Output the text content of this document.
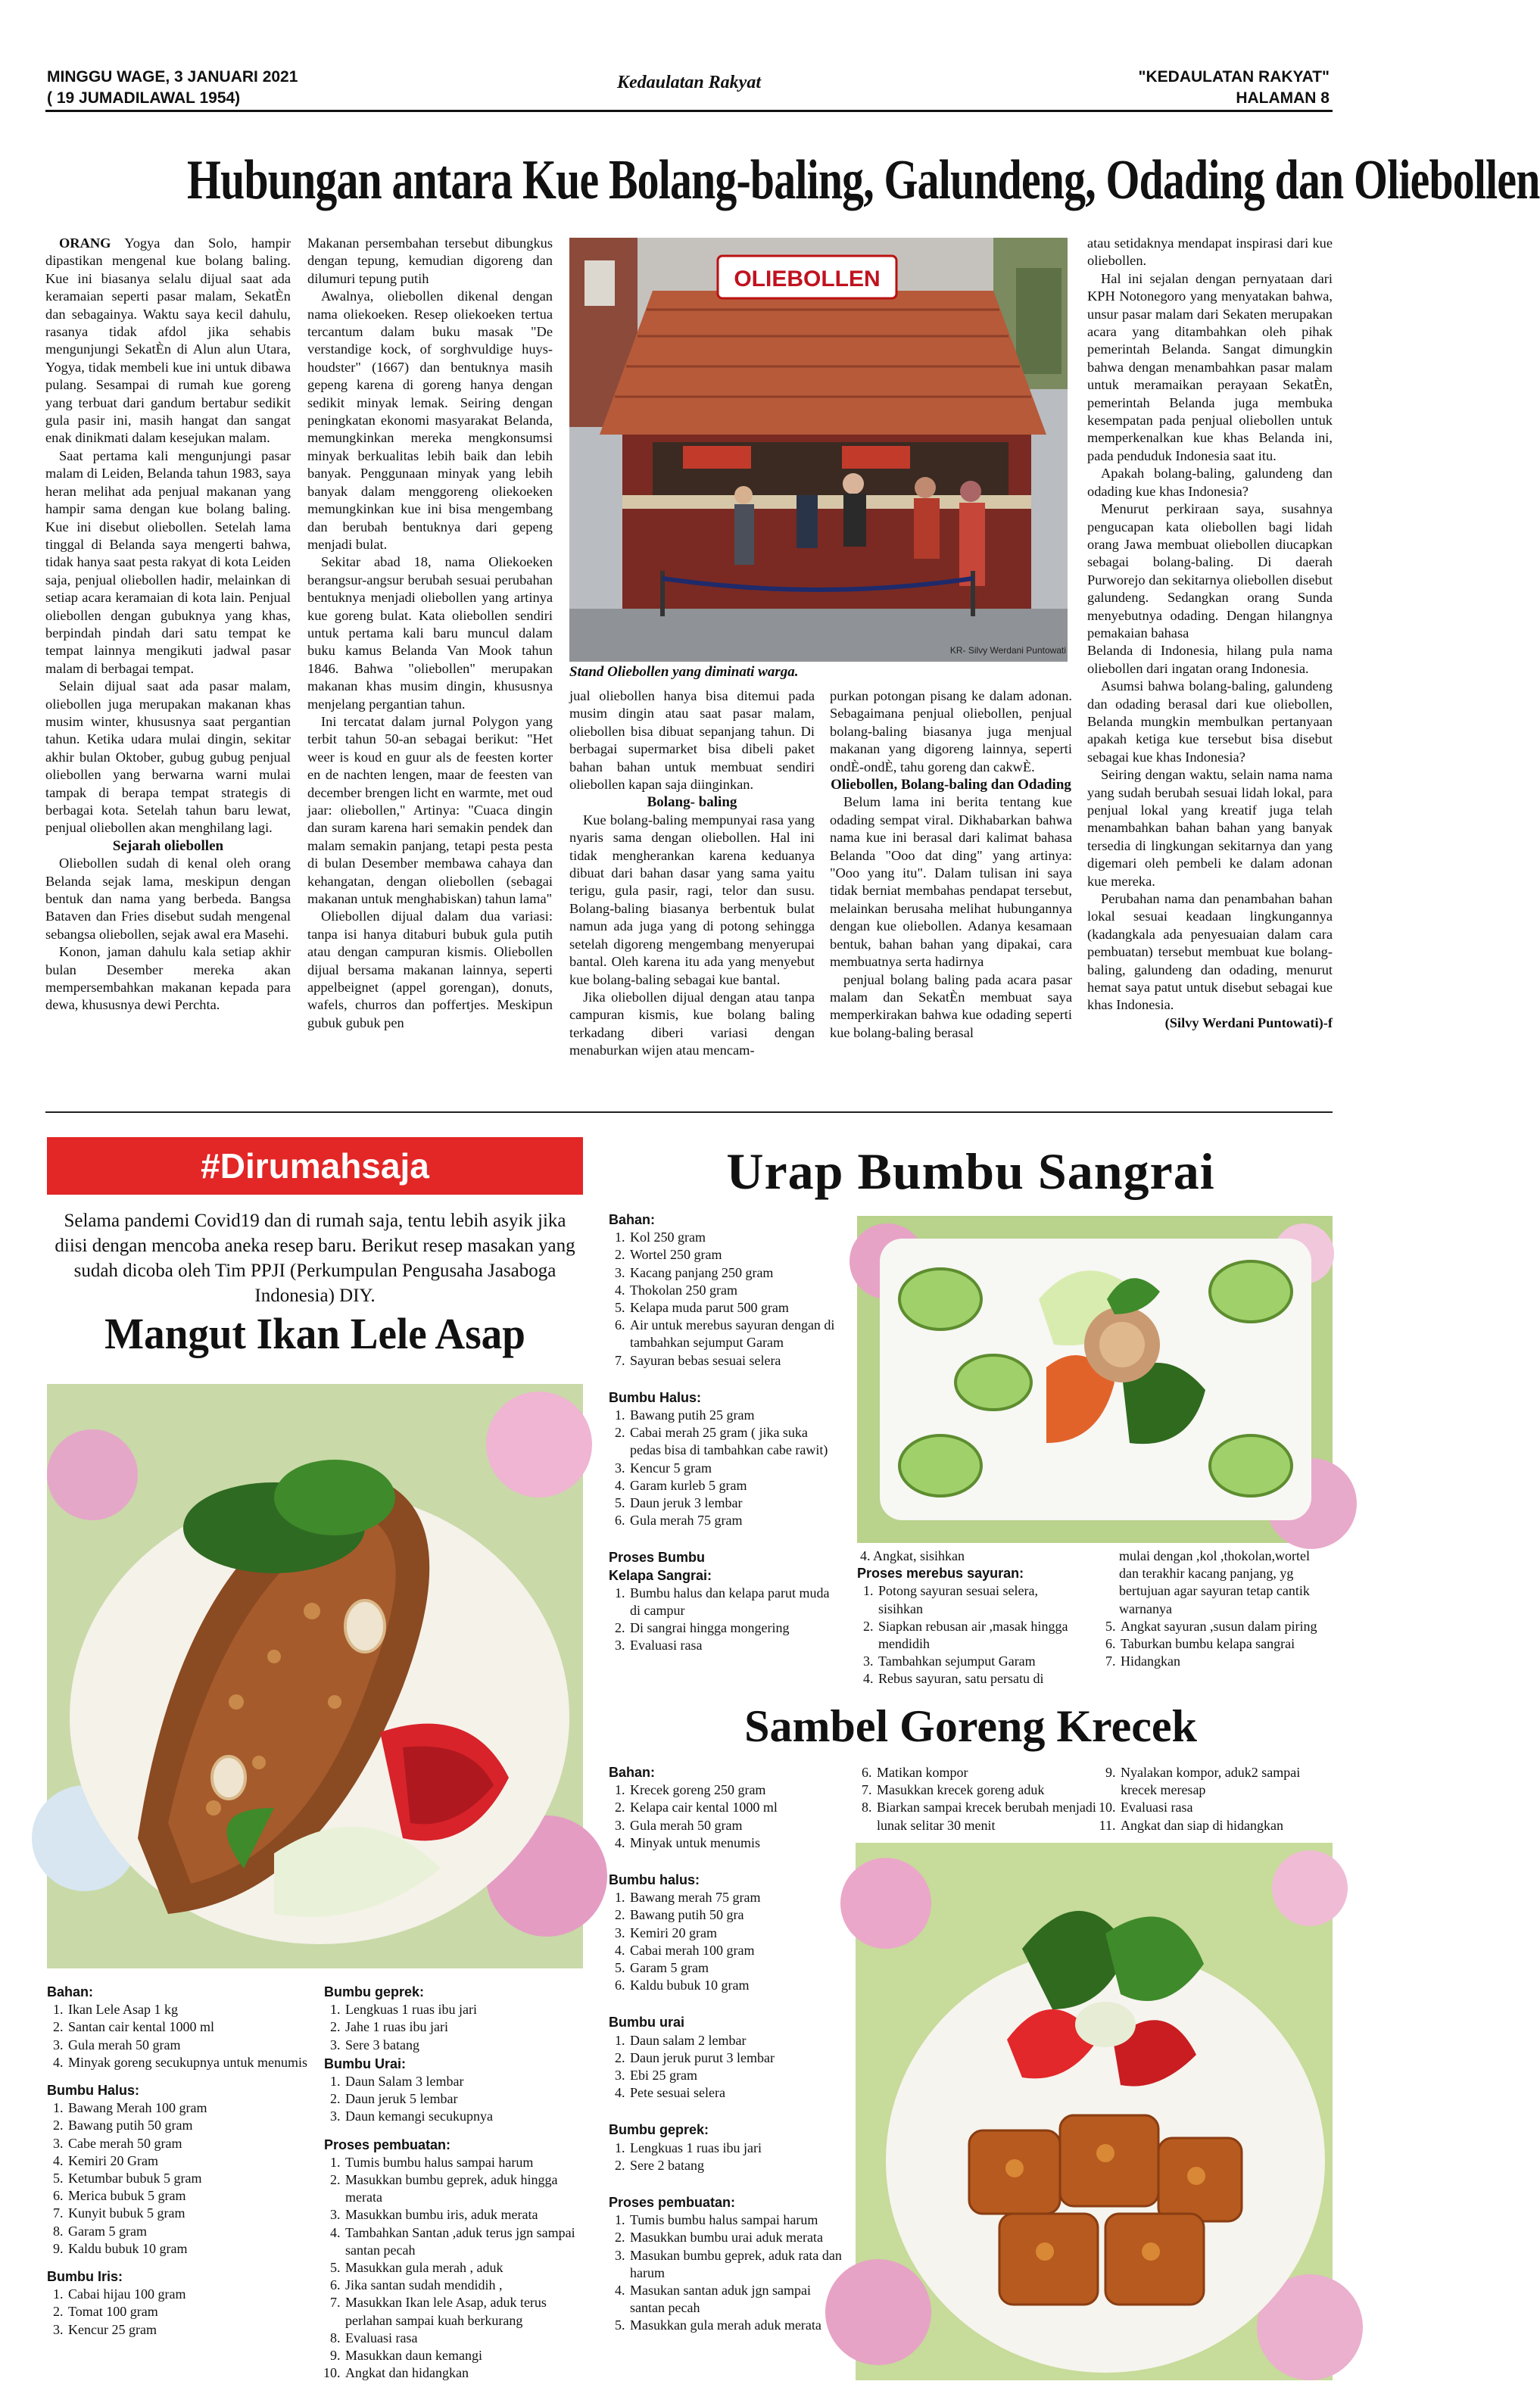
MINGGU WAGE, 3 JANUARI 2021
( 19 JUMADILAWAL 1954)
Kedaulatan Rakyat	"KEDAULATAN RAKYAT"
HALAMAN 8
Hubungan antara Kue Bolang-baling, Galundeng, Odading dan Oliebollen

ORANG Yogya dan Solo, hampir dipastikan mengenal kue bolang baling. Kue ini biasanya selalu dijual saat ada keramaian seperti pasar malam, SekatÈn dan sebagainya. Waktu saya kecil dahulu, rasanya tidak afdol jika sehabis mengunjungi SekatÈn di Alun alun Utara, Yogya, tidak membeli kue ini untuk dibawa pulang. Sesampai di rumah kue goreng yang terbuat dari gandum bertabur sedikit gula pasir ini, masih hangat dan sangat enak dinikmati dalam kesejukan malam.

Saat pertama kali mengunjungi pasar malam di Leiden, Belanda tahun 1983, saya heran melihat ada penjual makanan yang hampir sama dengan kue bolang baling. Kue ini disebut oliebollen. Setelah lama tinggal di Belanda saya mengerti bahwa, tidak hanya saat pesta rakyat di kota Leiden saja, penjual oliebollen hadir, melainkan di setiap acara keramaian di kota lain. Penjual oliebollen dengan gubuknya yang khas, berpindah pindah dari satu tempat ke tempat lainnya mengikuti jadwal pasar malam di berbagai tempat.

Selain dijual saat ada pasar malam, oliebollen juga merupakan makanan khas musim winter, khususnya saat pergantian tahun. Ketika udara mulai dingin, sekitar akhir bulan Oktober, gubug gubug penjual oliebollen yang berwarna warni mulai tampak di berapa tempat strategis di berbagai kota. Setelah tahun baru lewat, penjual oliebollen akan menghilang lagi.

Sejarah oliebollen

Oliebollen sudah di kenal oleh orang Belanda sejak lama, meskipun dengan bentuk dan nama yang berbeda. Bangsa Bataven dan Fries disebut sudah mengenal sebangsa oliebollen, sejak awal era Masehi.

Konon, jaman dahulu kala setiap akhir bulan Desember mereka akan mempersembahkan makanan kepada para dewa, khususnya dewi Perchta.

Makanan persembahan tersebut dibungkus dengan tepung, kemudian digoreng dan dilumuri tepung putih

Awalnya, oliebollen dikenal dengan nama oliekoeken. Resep oliekoeken tertua tercantum dalam buku masak "De verstandige kock, of sorghvuldige huys-houdster" (1667) dan bentuknya masih gepeng karena di goreng hanya dengan sedikit minyak lemak. Seiring dengan peningkatan ekonomi masyarakat Belanda, memungkinkan mereka mengkonsumsi minyak berkualitas lebih baik dan lebih banyak. Penggunaan minyak yang lebih banyak dalam menggoreng oliekoeken memungkinkan kue ini bisa mengembang dan berubah bentuknya dari gepeng menjadi bulat.

Sekitar abad 18, nama Oliekoeken berangsur-angsur berubah sesuai perubahan bentuknya menjadi oliebollen yang artinya kue goreng bulat. Kata oliebollen sendiri untuk pertama kali baru muncul dalam buku kamus Belanda Van Mook tahun 1846. Bahwa "oliebollen" merupakan makanan khas musim dingin, khususnya menjelang pergantian tahun.

Ini tercatat dalam jurnal Polygon yang terbit tahun 50-an sebagai berikut: "Het weer is koud en guur als de feesten korter en de nachten lengen, maar de feesten van december brengen licht en warmte, met oud jaar: oliebollen," Artinya: "Cuaca dingin dan suram karena hari semakin pendek dan malam semakin panjang, tetapi pesta pesta di bulan Desember membawa cahaya dan kehangatan, dengan oliebollen (sebagai makanan untuk menghabiskan) tahun lama"

Oliebollen dijual dalam dua variasi: tanpa isi hanya ditaburi bubuk gula putih atau dengan campuran kismis. Oliebollen dijual bersama makanan lainnya, seperti appelbeignet (appel gorengan), donuts, wafels, churros dan poffertjes. Meskipun gubuk gubuk pen

OLIEBOLLEN
KR- Silvy Werdani Puntowati
Stand Oliebollen yang diminati warga.

jual oliebollen hanya bisa ditemui pada musim dingin atau saat pasar malam, oliebollen bisa dibuat sepanjang tahun. Di berbagai supermarket bisa dibeli paket bahan bahan untuk membuat sendiri oliebollen kapan saja diinginkan.

Bolang- baling

Kue bolang-baling mempunyai rasa yang nyaris sama dengan oliebollen. Hal ini tidak mengherankan karena keduanya dibuat dari bahan dasar yang sama yaitu terigu, gula pasir, ragi, telor dan susu. Bolang-baling biasanya berbentuk bulat namun ada juga yang di potong sehingga setelah digoreng mengembang menyerupai bantal. Oleh karena itu ada yang menyebut kue bolang-baling sebagai kue bantal.

Jika oliebollen dijual dengan atau tanpa campuran kismis, kue bolang baling terkadang diberi variasi dengan menaburkan wijen atau mencam-

purkan potongan pisang ke dalam adonan. Sebagaimana penjual oliebollen, penjual bolang-baling biasanya juga menjual makanan yang digoreng lainnya, seperti ondÈ-ondÈ, tahu goreng dan cakwÈ.

Oliebollen, Bolang-baling dan Odading

Belum lama ini berita tentang kue odading sempat viral. Dikhabarkan bahwa nama kue ini berasal dari kalimat bahasa Belanda "Ooo dat ding" yang artinya: "Ooo yang itu". Dalam tulisan ini saya tidak berniat membahas pendapat tersebut, melainkan berusaha melihat hubungannya dengan kue oliebollen. Adanya kesamaan bentuk, bahan bahan yang dipakai, cara membuatnya serta hadirnya

penjual bolang baling pada acara pasar malam dan SekatÈn membuat saya memperkirakan bahwa kue odading seperti kue bolang-baling berasal

atau setidaknya mendapat inspirasi dari kue oliebollen.

Hal ini sejalan dengan pernyataan dari KPH Notonegoro yang menyatakan bahwa, unsur pasar malam dari Sekaten merupakan acara yang ditambahkan oleh pihak pemerintah Belanda. Sangat dimungkin bahwa dengan menambahkan pasar malam untuk meramaikan perayaan SekatÈn, pemerintah Belanda juga membuka kesempatan pada penjual oliebollen untuk memperkenalkan kue khas Belanda ini, pada penduduk Indonesia saat itu.

Apakah bolang-baling, galundeng dan odading kue khas Indonesia?

Menurut perkiraan saya, susahnya pengucapan kata oliebollen bagi lidah orang Jawa membuat oliebollen diucapkan sebagai bolang-baling. Di daerah Purworejo dan sekitarnya oliebollen disebut galundeng. Sedangkan orang Sunda menyebutnya odading. Dengan hilangnya pemakaian bahasa

Belanda di Indonesia, hilang pula nama oliebollen dari ingatan orang Indonesia.

Asumsi bahwa bolang-baling, galundeng dan odading berasal dari kue oliebollen, Belanda mungkin membulkan pertanyaan apakah ketiga kue tersebut bisa disebut sebagai kue khas Indonesia?

Seiring dengan waktu, selain nama nama yang sudah berubah sesuai lidah lokal, para penjual lokal yang kreatif juga telah menambahkan bahan bahan yang banyak tersedia di lingkungan sekitarnya dan yang digemari oleh pembeli ke dalam adonan kue mereka.

Perubahan nama dan penambahan bahan lokal sesuai keadaan lingkungannya (kadangkala ada penyesuaian dalam cara pembuatan) tersebut membuat kue bolang-baling, galundeng dan odading, menurut hemat saya patut untuk disebut sebagai kue khas Indonesia.

(Silvy Werdani Puntowati)-f

#Dirumahsaja
Selama pandemi Covid19 dan di rumah saja, tentu lebih asyik jika diisi dengan mencoba aneka resep baru. Berikut resep masakan yang sudah dicoba oleh Tim PPJI (Perkumpulan Pengusaha Jasaboga Indonesia) DIY.
Mangut Ikan Lele Asap
Bahan:
1. Ikan Lele Asap 1 kg
2. Santan cair kental 1000 ml
3. Gula merah 50 gram
4. Minyak goreng secukupnya untuk menumis
Bumbu Halus:
1. Bawang Merah 100 gram
2. Bawang putih 50 gram
3. Cabe merah 50 gram
4. Kemiri 20 Gram
5. Ketumbar bubuk 5 gram
6. Merica bubuk 5 gram
7. Kunyit bubuk 5 gram
8. Garam 5 gram
9. Kaldu bubuk 10 gram
Bumbu Iris:
1. Cabai hijau 100 gram
2. Tomat 100 gram
3. Kencur 25 gram
Bumbu geprek:
1. Lengkuas 1 ruas ibu jari
2. Jahe 1 ruas ibu jari
3. Sere 3 batang
Bumbu Urai:
1. Daun Salam 3 lembar
2. Daun jeruk 5 lembar
3. Daun kemangi secukupnya
Proses pembuatan:
1. Tumis bumbu halus sampai harum
2. Masukkan bumbu geprek, aduk hingga merata
3. Masukkan bumbu iris, aduk merata
4. Tambahkan Santan ,aduk terus jgn sampai santan pecah
5. Masukkan gula merah , aduk
6. Jika santan sudah mendidih ,
7. Masukkan Ikan lele Asap, aduk terus perlahan sampai kuah berkurang
8. Evaluasi rasa
9. Masukkan daun kemangi
10. Angkat dan hidangkan
Urap Bumbu Sangrai
Bahan:
1. Kol 250 gram
2. Wortel 250 gram
3. Kacang panjang 250 gram
4. Thokolan 250 gram
5. Kelapa muda parut 500 gram
6. Air untuk merebus sayuran dengan di tambahkan sejumput Garam
7. Sayuran bebas sesuai selera
Bumbu Halus:
1. Bawang putih 25 gram
2. Cabai merah 25 gram ( jika suka pedas bisa di tambahkan cabe rawit)
3. Kencur 5 gram
4. Garam kurleb 5 gram
5. Daun jeruk 3 lembar
6. Gula merah 75 gram
Proses Bumbu
Kelapa Sangrai:
1. Bumbu halus dan kelapa parut muda di campur
2. Di sangrai hingga mongering
3. Evaluasi rasa
4. Angkat, sisihkan
Proses merebus sayuran:
1. Potong sayuran sesuai selera, sisihkan
2. Siapkan rebusan air ,masak hingga mendidih
3. Tambahkan sejumput Garam
4. Rebus sayuran, satu persatu di
mulai dengan ,kol ,thokolan,wortel dan terakhir kacang panjang, yg bertujuan agar sayuran tetap cantik warnanya
5. Angkat sayuran ,susun dalam piring
6. Taburkan bumbu kelapa sangrai
7. Hidangkan
Sambel Goreng Krecek
Bahan:
1. Krecek goreng 250 gram
2. Kelapa cair kental 1000 ml
3. Gula merah 50 gram
4. Minyak untuk menumis
Bumbu halus:
1. Bawang merah 75 gram
2. Bawang putih 50 gra
3. Kemiri 20 gram
4. Cabai merah 100 gram
5. Garam 5 gram
6. Kaldu bubuk 10 gram
Bumbu urai
1. Daun salam 2 lembar
2. Daun jeruk purut 3 lembar
3. Ebi 25 gram
4. Pete sesuai selera
Bumbu geprek:
1. Lengkuas 1 ruas ibu jari
2. Sere 2 batang
Proses pembuatan:
1. Tumis bumbu halus sampai harum
2. Masukkan bumbu urai aduk merata
3. Masukan bumbu geprek, aduk rata dan harum
4. Masukan santan aduk jgn sampai santan pecah
5. Masukkan gula merah aduk merata
6. Matikan kompor
7. Masukkan krecek goreng aduk
8. Biarkan sampai krecek berubah menjadi lunak selitar 30 menit
9. Nyalakan kompor, aduk2 sampai krecek meresap
10. Evaluasi rasa
11. Angkat dan siap di hidangkan
